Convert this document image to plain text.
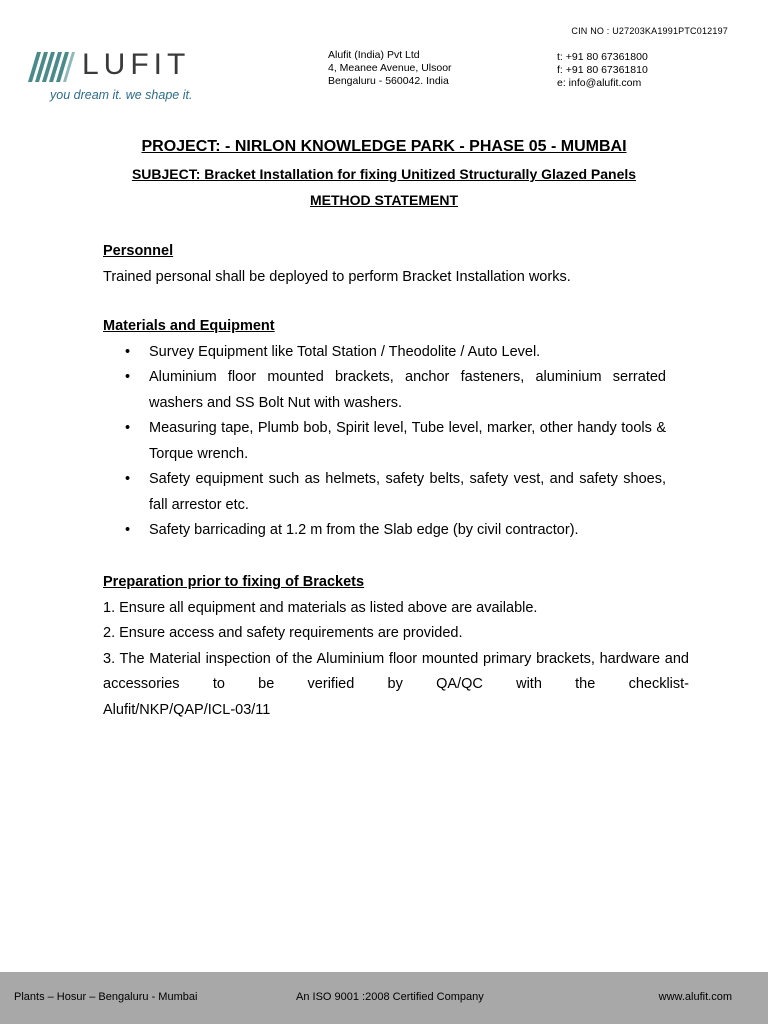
CIN NO : U27203KA1991PTC012197
LUFIT
you dream it. we shape it.
Alufit (India) Pvt Ltd
4, Meanee Avenue, Ulsoor
Bengaluru - 560042. India
t: +91 80 67361800
f: +91 80 67361810
e: info@alufit.com
PROJECT: - NIRLON KNOWLEDGE PARK - PHASE 05 - MUMBAI
SUBJECT: Bracket Installation for fixing Unitized Structurally Glazed Panels
METHOD STATEMENT
Personnel

Trained personal shall be deployed to perform Bracket Installation works.

Materials and Equipment
• Survey Equipment like Total Station / Theodolite / Auto Level.
• Aluminium floor mounted brackets, anchor fasteners, aluminium serrated washers and SS Bolt Nut with washers.
• Measuring tape, Plumb bob, Spirit level, Tube level, marker, other handy tools & Torque wrench.
• Safety equipment such as helmets, safety belts, safety vest, and safety shoes, fall arrestor etc.
• Safety barricading at 1.2 m from the Slab edge (by civil contractor).
Preparation prior to fixing of Brackets

1. Ensure all equipment and materials as listed above are available.

2. Ensure access and safety requirements are provided.

3. The Material inspection of the Aluminium floor mounted primary brackets, hardware and accessories to be verified by QA/QC with the checklist-

Alufit/NKP/QAP/ICL-03/11

Plants – Hosur – Bengaluru - Mumbai	An ISO 9001 :2008 Certified Company	www.alufit.com
